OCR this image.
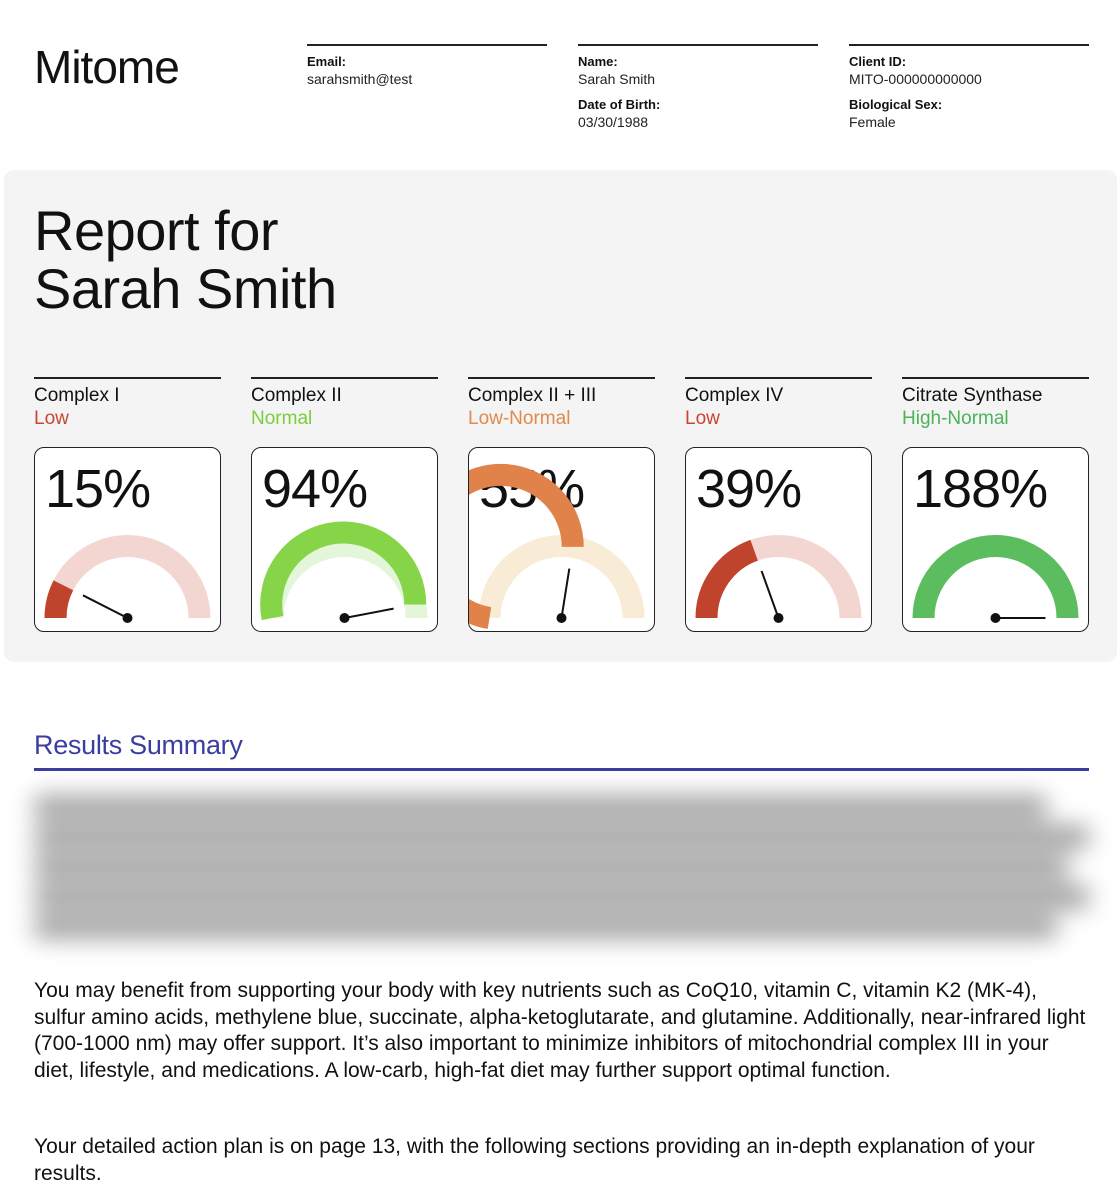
Mitome	Email:
sarahsmith@test
Name:
Sarah Smith
Date of Birth:
03/30/1988
Client ID:
MITO-000000000000
Biological Sex:
Female
Report for
Sarah Smith
Complex I
Low
15%
Complex II
Normal
94%
Complex II + III
Low-Normal
55%
Complex IV
Low
39%
Citrate Synthase
High-Normal
188%
Results Summary
You may benefit from supporting your body with key nutrients such as CoQ10, vitamin C, vitamin K2 (MK-4), sulfur amino acids, methylene blue, succinate, alpha-ketoglutarate, and glutamine. Additionally, near-infrared light (700-1000 nm) may offer support. It’s also important to minimize inhibitors of mitochondrial complex III in your diet, lifestyle, and medications. A low-carb, high-fat diet may further support optimal function.
Your detailed action plan is on page 13, with the following sections providing an in-depth explanation of your results.
